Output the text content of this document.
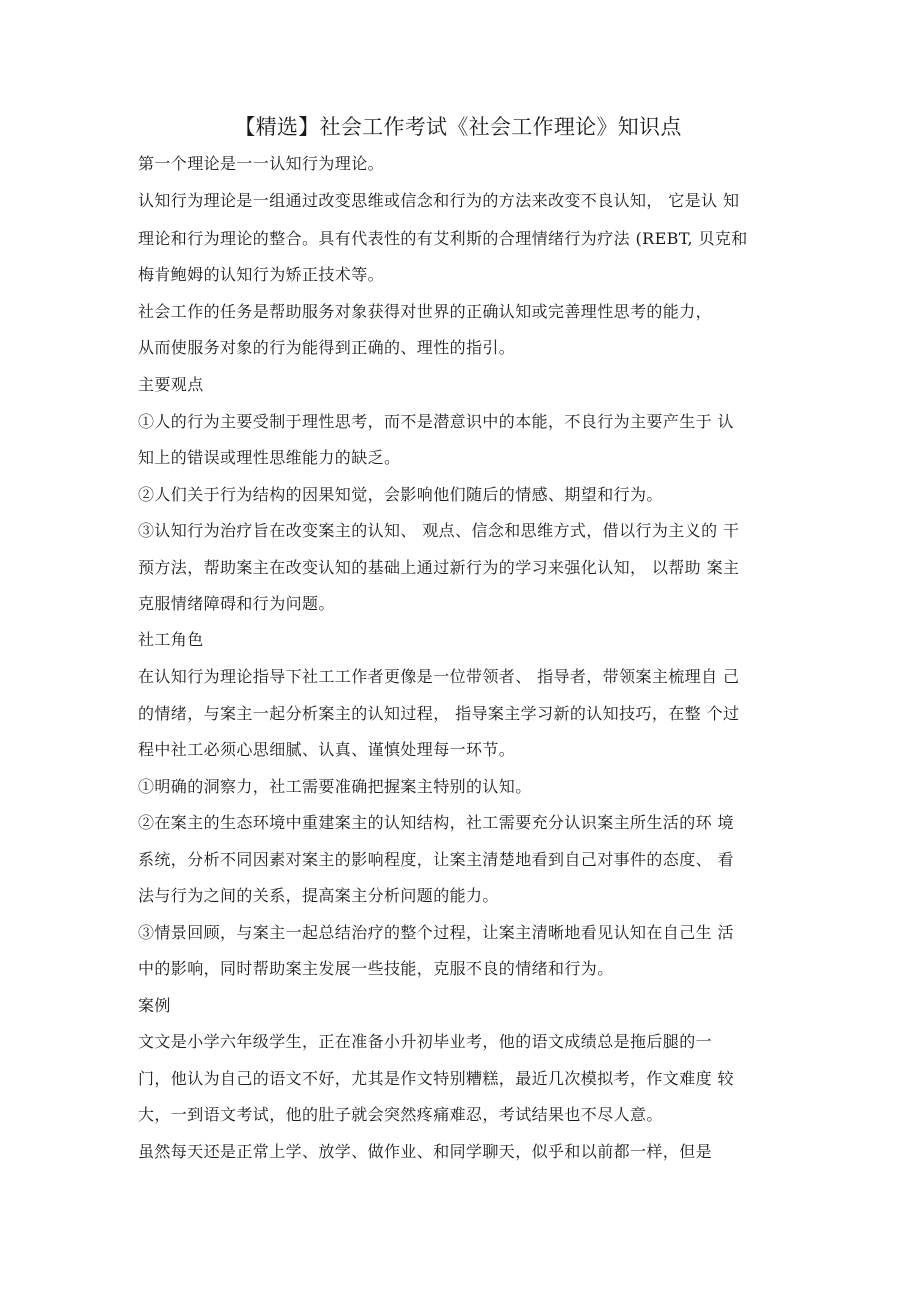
【精选】社会工作考试《社会工作理论》知识点
第一个理论是一一认知行为理论。
认知行为理论是一组通过改变思维或信念和行为的方法来改变不良认知， 它是认 知
理论和行为理论的整合。具有代表性的有艾利斯的合理情绪行为疗法 (REBT, 贝克和
梅肯鲍姆的认知行为矫正技术等。
社会工作的任务是帮助服务对象获得对世界的正确认知或完善理性思考的能力，
从而使服务对象的行为能得到正确的、理性的指引。
主要观点
①人的行为主要受制于理性思考，而不是潜意识中的本能，不良行为主要产生于 认
知上的错误或理性思维能力的缺乏。
②人们关于行为结构的因果知觉，会影响他们随后的情感、期望和行为。
③认知行为治疗旨在改变案主的认知、 观点、信念和思维方式，借以行为主义的 干
预方法，帮助案主在改变认知的基础上通过新行为的学习来强化认知， 以帮助 案主
克服情绪障碍和行为问题。
社工角色
在认知行为理论指导下社工工作者更像是一位带领者、 指导者，带领案主梳理自 己
的情绪，与案主一起分析案主的认知过程， 指导案主学习新的认知技巧，在整 个过
程中社工必须心思细腻、认真、谨慎处理每一环节。
①明确的洞察力，社工需要准确把握案主特别的认知。
②在案主的生态环境中重建案主的认知结构，社工需要充分认识案主所生活的环 境
系统，分析不同因素对案主的影响程度，让案主清楚地看到自己对事件的态度、 看
法与行为之间的关系，提高案主分析问题的能力。
③情景回顾，与案主一起总结治疗的整个过程，让案主清晰地看见认知在自己生 活
中的影响，同时帮助案主发展一些技能，克服不良的情绪和行为。
案例
文文是小学六年级学生，正在准备小升初毕业考，他的语文成绩总是拖后腿的一
门，他认为自己的语文不好，尤其是作文特别糟糕，最近几次模拟考，作文难度 较
大，一到语文考试，他的肚子就会突然疼痛难忍，考试结果也不尽人意。
虽然每天还是正常上学、放学、做作业、和同学聊天，似乎和以前都一样，但是
